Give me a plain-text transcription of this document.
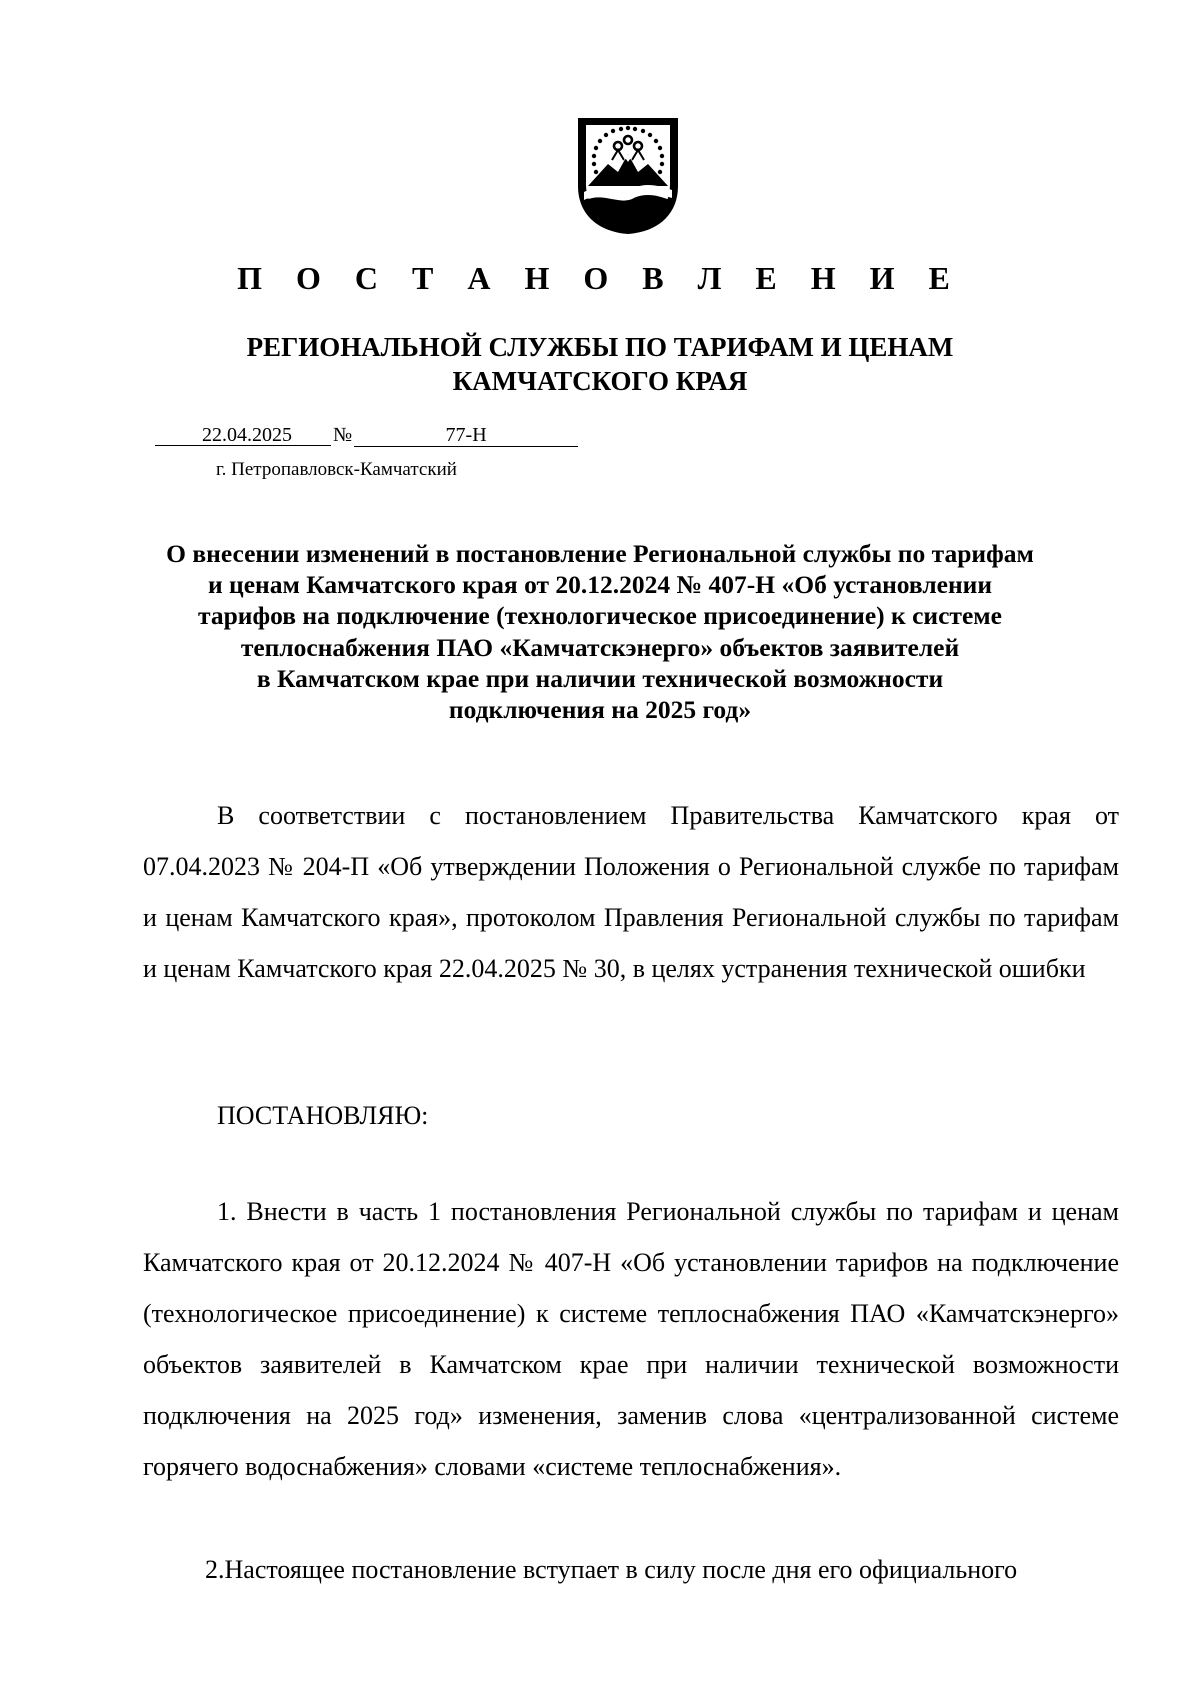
П О С Т А Н О В Л Е Н И Е
РЕГИОНАЛЬНОЙ СЛУЖБЫ ПО ТАРИФАМ И ЦЕНАМ
КАМЧАТСКОГО КРАЯ
22.04.2025 №	77-Н
г. Петропавловск-Камчатский
О внесении изменений в постановление Региональной службы по тарифам
и ценам Камчатского края от 20.12.2024 № 407-Н «Об установлении
тарифов на подключение (технологическое присоединение) к системе
теплоснабжения ПАО «Камчатскэнерго» объектов заявителей
в Камчатском крае при наличии технической возможности
подключения на 2025 год»
В соответствии с постановлением Правительства Камчатского края от 07.04.2023 № 204-П «Об утверждении Положения о Региональной службе по тарифам и ценам Камчатского края», протоколом Правления Региональной службы по тарифам и ценам Камчатского края 22.04.2025 № 30, в целях устранения технической ошибки
ПОСТАНОВЛЯЮ:
1. Внести в часть 1 постановления Региональной службы по тарифам и ценам Камчатского края от 20.12.2024 № 407-Н «Об установлении тарифов на подключение (технологическое присоединение) к системе теплоснабжения ПАО «Камчатскэнерго» объектов заявителей в Камчатском крае при наличии технической возможности подключения на 2025 год» изменения, заменив слова «централизованной системе горячего водоснабжения» словами «системе теплоснабжения».
2.Настоящее постановление вступает в силу после дня его официального
